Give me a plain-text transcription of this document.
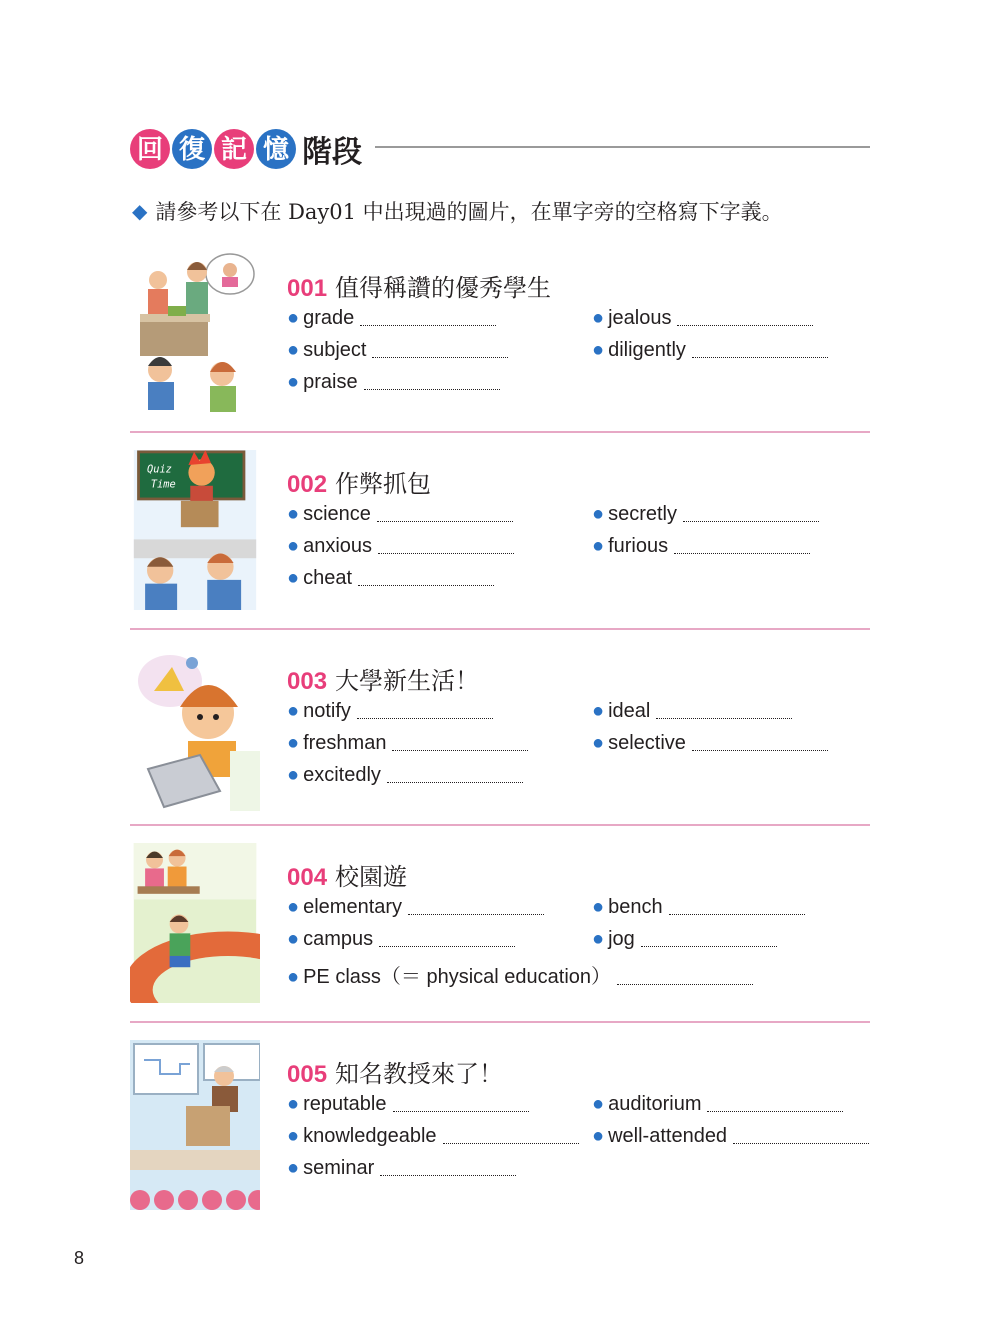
回 復 記 憶 階段
◆ 請參考以下在 Day01 中出現過的圖片，在單字旁的空格寫下字義。
001 值得稱讚的優秀學生
● grade
● subject
● praise
● jealous
● diligently
Quiz
Time	002 作弊抓包
● science
● anxious
● cheat
● secretly
● furious
003 大學新生活！
● notify
● freshman
● excitedly
● ideal
● selective
004 校園遊
● elementary
● campus
● PE class（＝ physical education）
● bench
● jog
005 知名教授來了！
● reputable
● knowledgeable
● seminar
● auditorium
● well-attended
8
